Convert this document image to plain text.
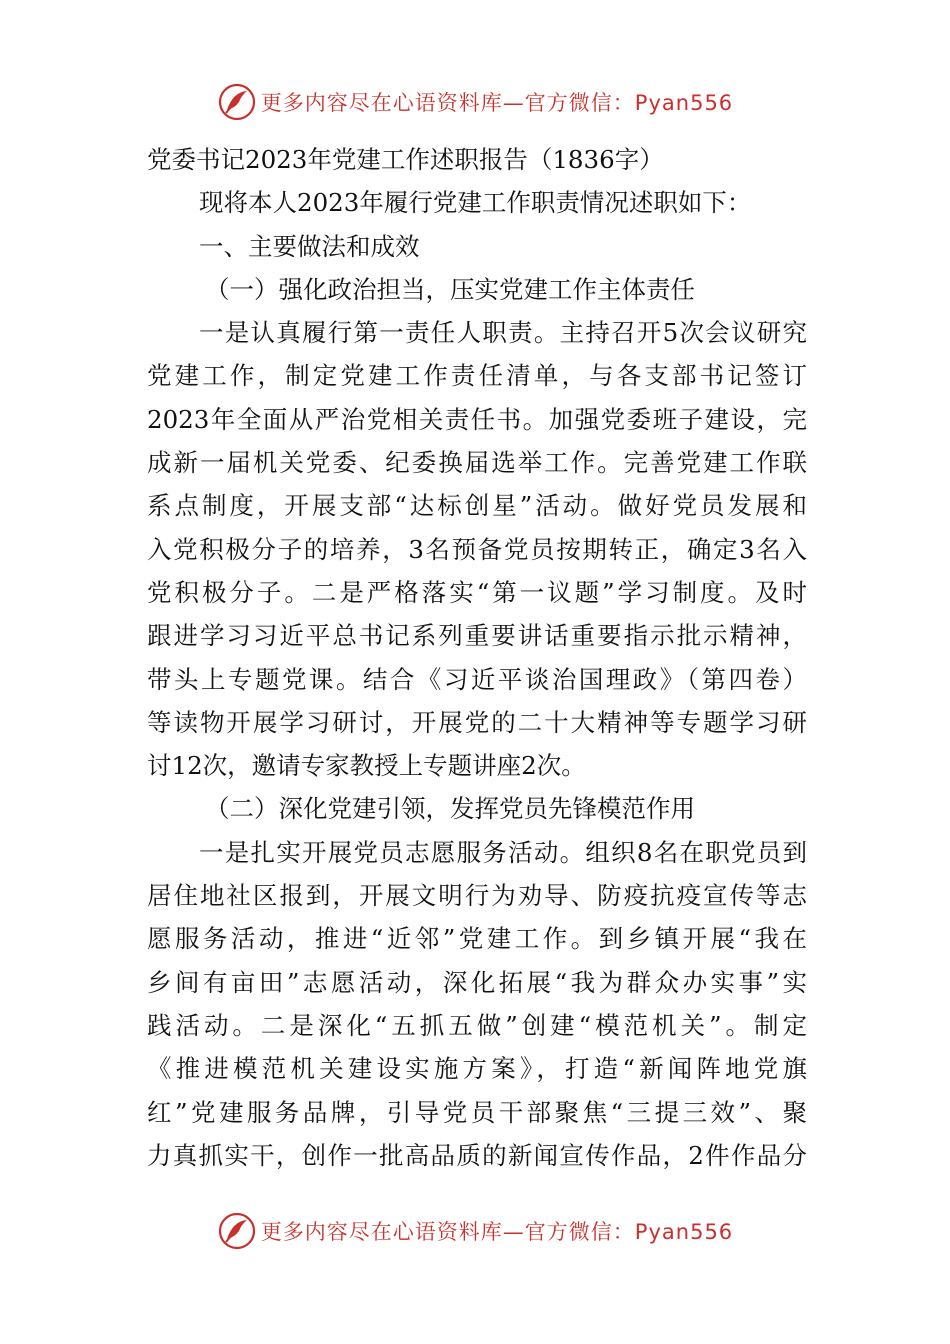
更多内容尽在心语资料库—官方微信：Pyan556
党委书记2023年党建工作述职报告（1836字）
现将本人2023年履行党建工作职责情况述职如下：
一、主要做法和成效
（一）强化政治担当，压实党建工作主体责任
一是认真履行第一责任人职责。主持召开5次会议研究
党建工作，制定党建工作责任清单，与各支部书记签订
2023年全面从严治党相关责任书。加强党委班子建设，完
成新一届机关党委、纪委换届选举工作。完善党建工作联
系点制度，开展支部“达标创星”活动。做好党员发展和
入党积极分子的培养，3名预备党员按期转正，确定3名入
党积极分子。二是严格落实“第一议题”学习制度。及时
跟进学习习近平总书记系列重要讲话重要指示批示精神，
带头上专题党课。结合《习近平谈治国理政》（第四卷）
等读物开展学习研讨，开展党的二十大精神等专题学习研
讨12次，邀请专家教授上专题讲座2次。
（二）深化党建引领，发挥党员先锋模范作用
一是扎实开展党员志愿服务活动。组织8名在职党员到
居住地社区报到，开展文明行为劝导、防疫抗疫宣传等志
愿服务活动，推进“近邻”党建工作。到乡镇开展“我在
乡间有亩田”志愿活动，深化拓展“我为群众办实事”实
践活动。二是深化“五抓五做”创建“模范机关”。制定
《推进模范机关建设实施方案》，打造“新闻阵地党旗
红”党建服务品牌，引导党员干部聚焦“三提三效”、聚
力真抓实干，创作一批高品质的新闻宣传作品，2件作品分
更多内容尽在心语资料库—官方微信：Pyan556
